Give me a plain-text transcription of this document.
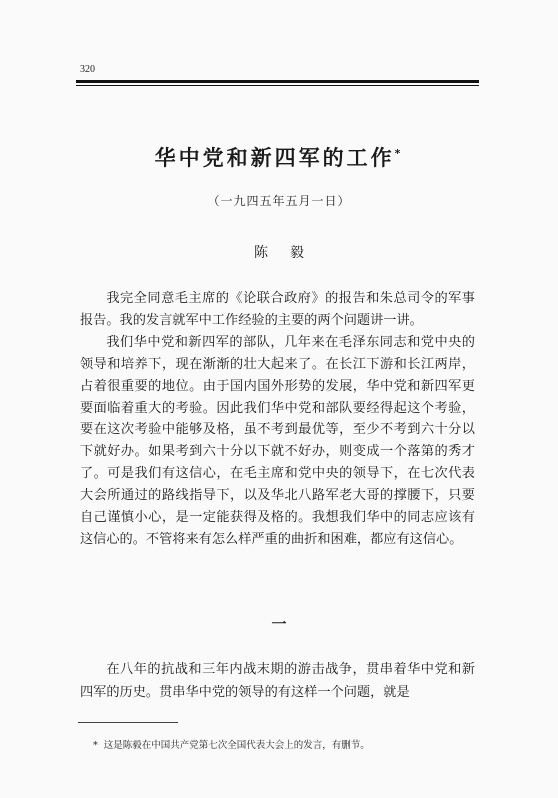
320
华中党和新四军的工作*
（一九四五年五月一日）
陈毅

我完全同意毛主席的《论联合政府》的报告和朱总司令的军事报告。我的发言就军中工作经验的主要的两个问题讲一讲。

我们华中党和新四军的部队，几年来在毛泽东同志和党中央的领导和培养下，现在渐渐的壮大起来了。在长江下游和长江两岸，占着很重要的地位。由于国内国外形势的发展，华中党和新四军更要面临着重大的考验。因此我们华中党和部队要经得起这个考验，要在这次考验中能够及格，虽不考到最优等，至少不考到六十分以下就好办。如果考到六十分以下就不好办，则变成一个落第的秀才了。可是我们有这信心，在毛主席和党中央的领导下，在七次代表大会所通过的路线指导下，以及华北八路军老大哥的撑腰下，只要自己谨慎小心，是一定能获得及格的。我想我们华中的同志应该有这信心的。不管将来有怎么样严重的曲折和困难，都应有这信心。

一

在八年的抗战和三年内战末期的游击战争，贯串着华中党和新四军的历史。贯串华中党的领导的有这样一个问题，就是

* 这是陈毅在中国共产党第七次全国代表大会上的发言，有删节。
